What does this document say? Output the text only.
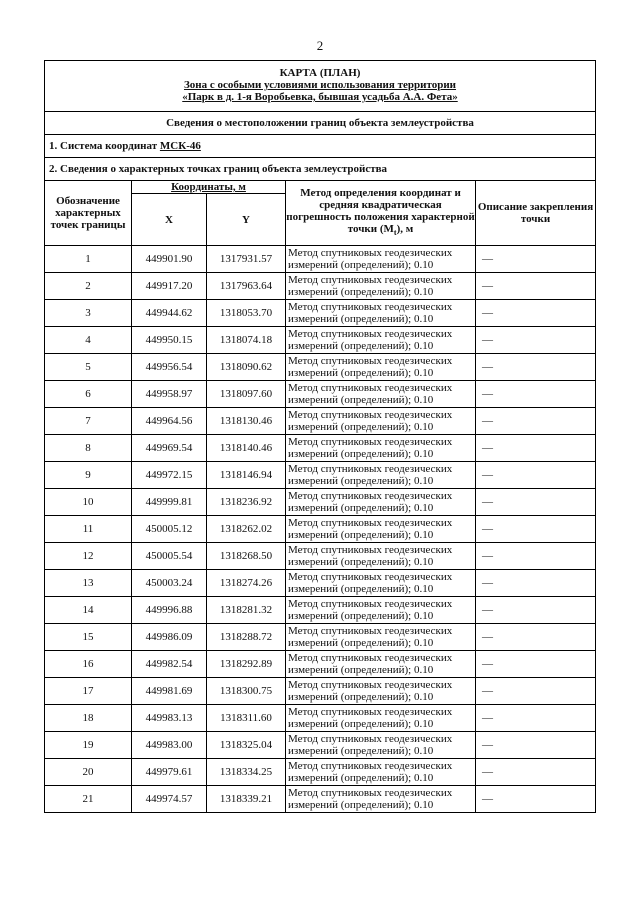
2
КАРТА (ПЛАН)
Зона с особыми условиями использования территории
«Парк в д. 1-я Воробьевка, бывшая усадьба А.А. Фета»				

Сведения о местоположении границ объекта землеустройства				
1. Система координат МСК-46				
2. Сведения о характерных точках границ объекта землеустройства				
Обозначение характерных точек границы	Координаты, м		Метод определения координат и средняя квадратическая погрешность положения характерной точки $(M_t)$, м	Описание закрепления точки
	X	Y		
1	449901.90	1317931.57	Метод спутниковых геодезических измерений (определений); 0.10	—
2	449917.20	1317963.64	Метод спутниковых геодезических измерений (определений); 0.10	—
3	449944.62	1318053.70	Метод спутниковых геодезических измерений (определений); 0.10	—
4	449950.15	1318074.18	Метод спутниковых геодезических измерений (определений); 0.10	—
5	449956.54	1318090.62	Метод спутниковых геодезических измерений (определений); 0.10	—
6	449958.97	1318097.60	Метод спутниковых геодезических измерений (определений); 0.10	—
7	449964.56	1318130.46	Метод спутниковых геодезических измерений (определений); 0.10	—
8	449969.54	1318140.46	Метод спутниковых геодезических измерений (определений); 0.10	—
9	449972.15	1318146.94	Метод спутниковых геодезических измерений (определений); 0.10	—
10	449999.81	1318236.92	Метод спутниковых геодезических измерений (определений); 0.10	—
11	450005.12	1318262.02	Метод спутниковых геодезических измерений (определений); 0.10	—
12	450005.54	1318268.50	Метод спутниковых геодезических измерений (определений); 0.10	—
13	450003.24	1318274.26	Метод спутниковых геодезических измерений (определений); 0.10	—
14	449996.88	1318281.32	Метод спутниковых геодезических измерений (определений); 0.10	—
15	449986.09	1318288.72	Метод спутниковых геодезических измерений (определений); 0.10	—
16	449982.54	1318292.89	Метод спутниковых геодезических измерений (определений); 0.10	—
17	449981.69	1318300.75	Метод спутниковых геодезических измерений (определений); 0.10	—
18	449983.13	1318311.60	Метод спутниковых геодезических измерений (определений); 0.10	—
19	449983.00	1318325.04	Метод спутниковых геодезических измерений (определений); 0.10	—
20	449979.61	1318334.25	Метод спутниковых геодезических измерений (определений); 0.10	—
21	449974.57	1318339.21	Метод спутниковых геодезических измерений (определений); 0.10	—
